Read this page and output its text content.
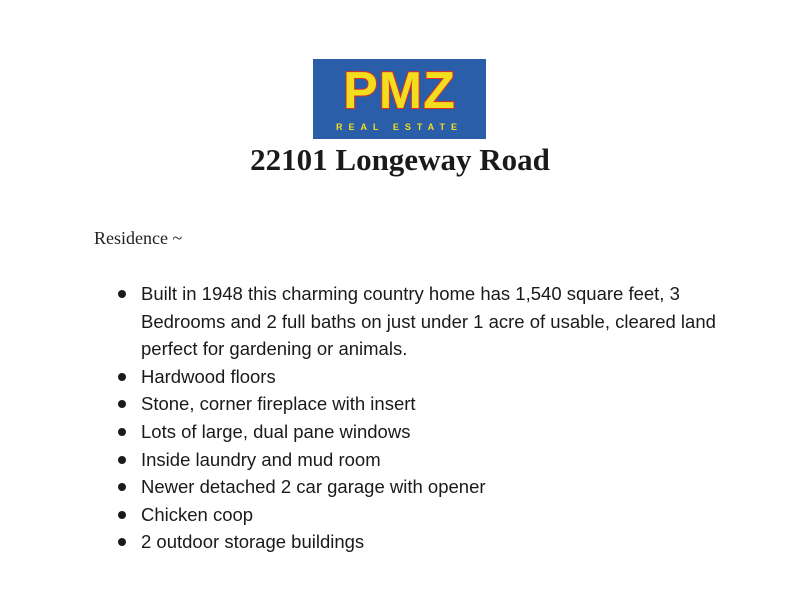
PMZ
REAL ESTATE
22101 Longeway Road
Residence ~
Built in 1948 this charming country home has 1,540 square feet, 3 Bedrooms and 2 full baths on just under 1 acre of usable, cleared land perfect for gardening or animals.
Hardwood floors
Stone, corner fireplace with insert
Lots of large, dual pane windows
Inside laundry and mud room
Newer detached 2 car garage with opener
Chicken coop
2 outdoor storage buildings
